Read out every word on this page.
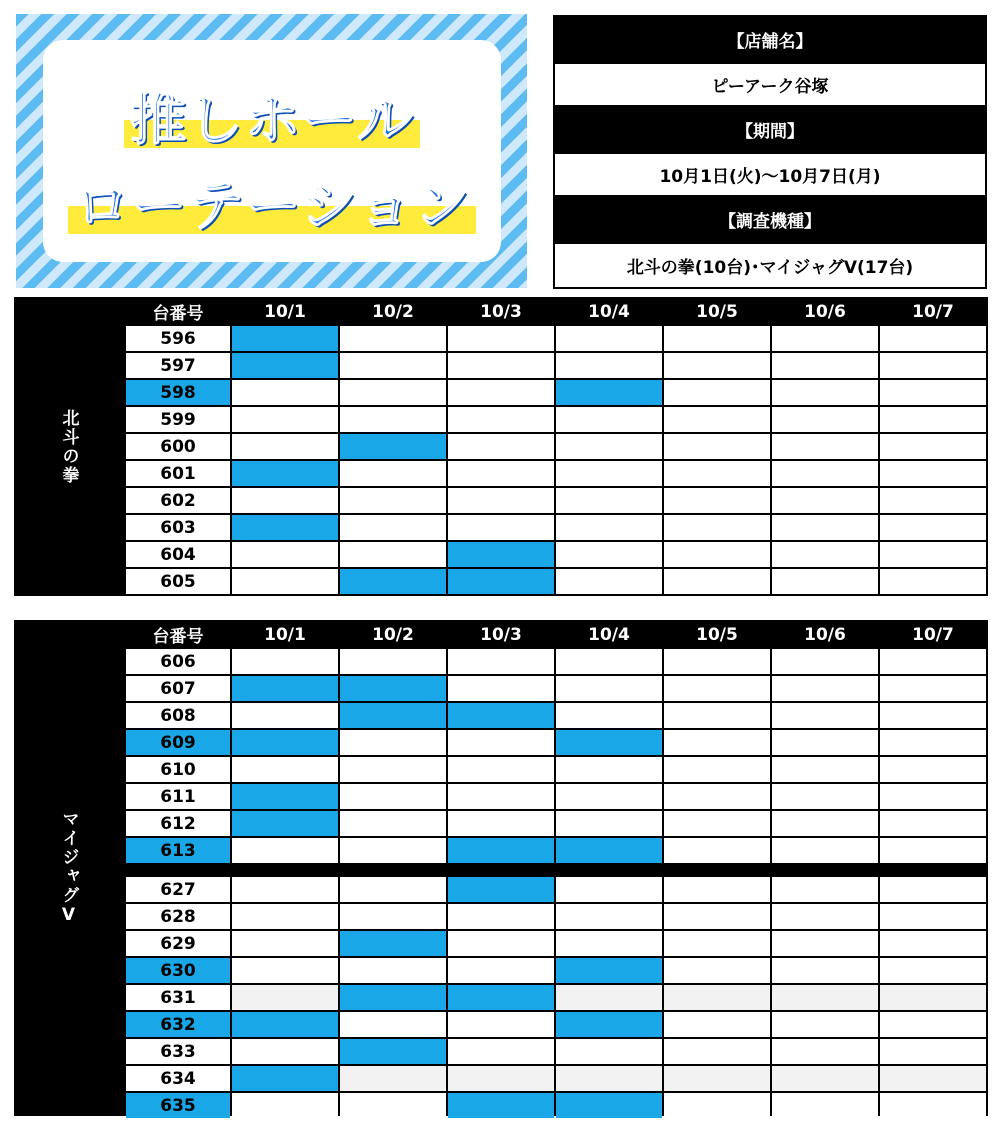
推しホール
ローテーション
【店舗名】
ピーアーク谷塚
【期間】
10月1日(火)〜10月7日(月)
【調査機種】
北斗の拳(10台)･マイジャグV(17台)
北斗の拳
台番号	10/1	10/2	10/3	10/4	10/5	10/6	10/7
596							
597							
598							
599							
600							
601							
602							
603							
604							
605							
マイジャグV
台番号	10/1	10/2	10/3	10/4	10/5	10/6	10/7
606							
607							
608							
609							
610							
611							
612							
613							

627							
628							
629							
630							
631							
632							
633							
634							
635							
